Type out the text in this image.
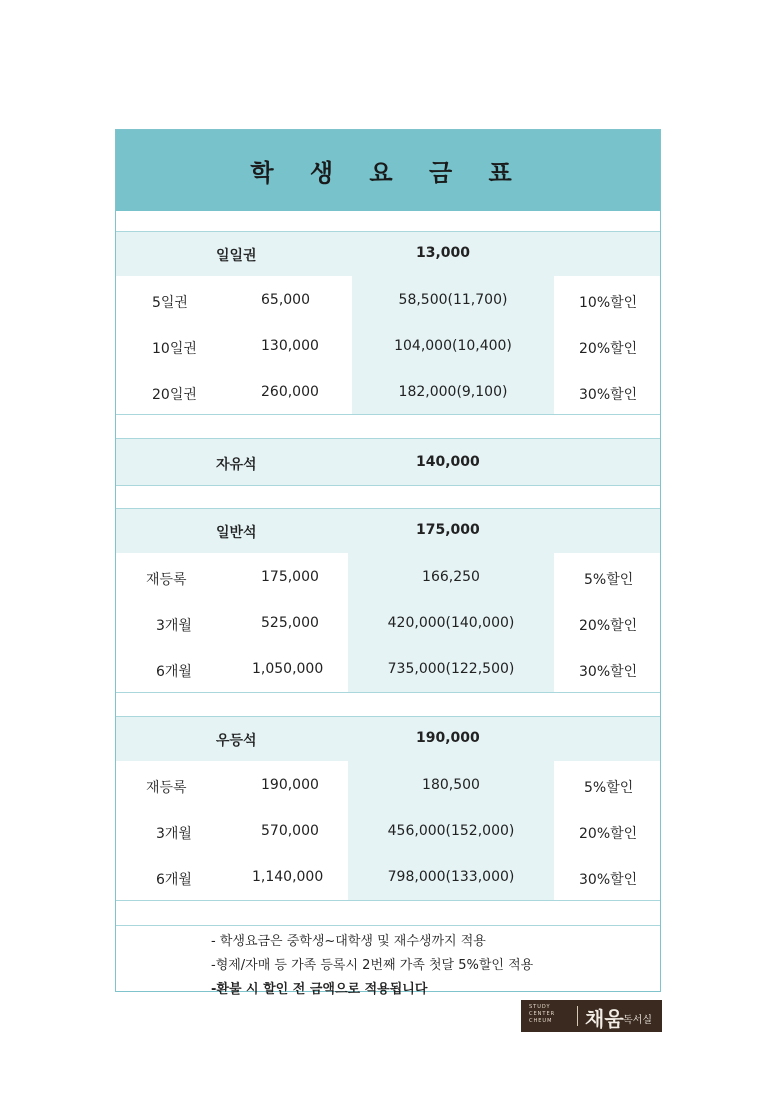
학 생 요 금 표
일일권	13,000
5일권	65,000	58,500(11,700)	10%할인
10일권	130,000	104,000(10,400)	20%할인
20일권	260,000	182,000(9,100)	30%할인
자유석	140,000
일반석	175,000
재등록	175,000	166,250	5%할인
3개월	525,000	420,000(140,000)	20%할인
6개월	1,050,000	735,000(122,500)	30%할인
우등석	190,000
재등록	190,000	180,500	5%할인
3개월	570,000	456,000(152,000)	20%할인
6개월	1,140,000	798,000(133,000)	30%할인
- 학생요금은 중학생~대학생 및 재수생까지 적용
-형제/자매 등 가족 등록시 2번째 가족 첫달 5%할인 적용
-환불 시 할인 전 금액으로 적용됩니다
STUDY
CENTER
CHEUM 채움 독서실
